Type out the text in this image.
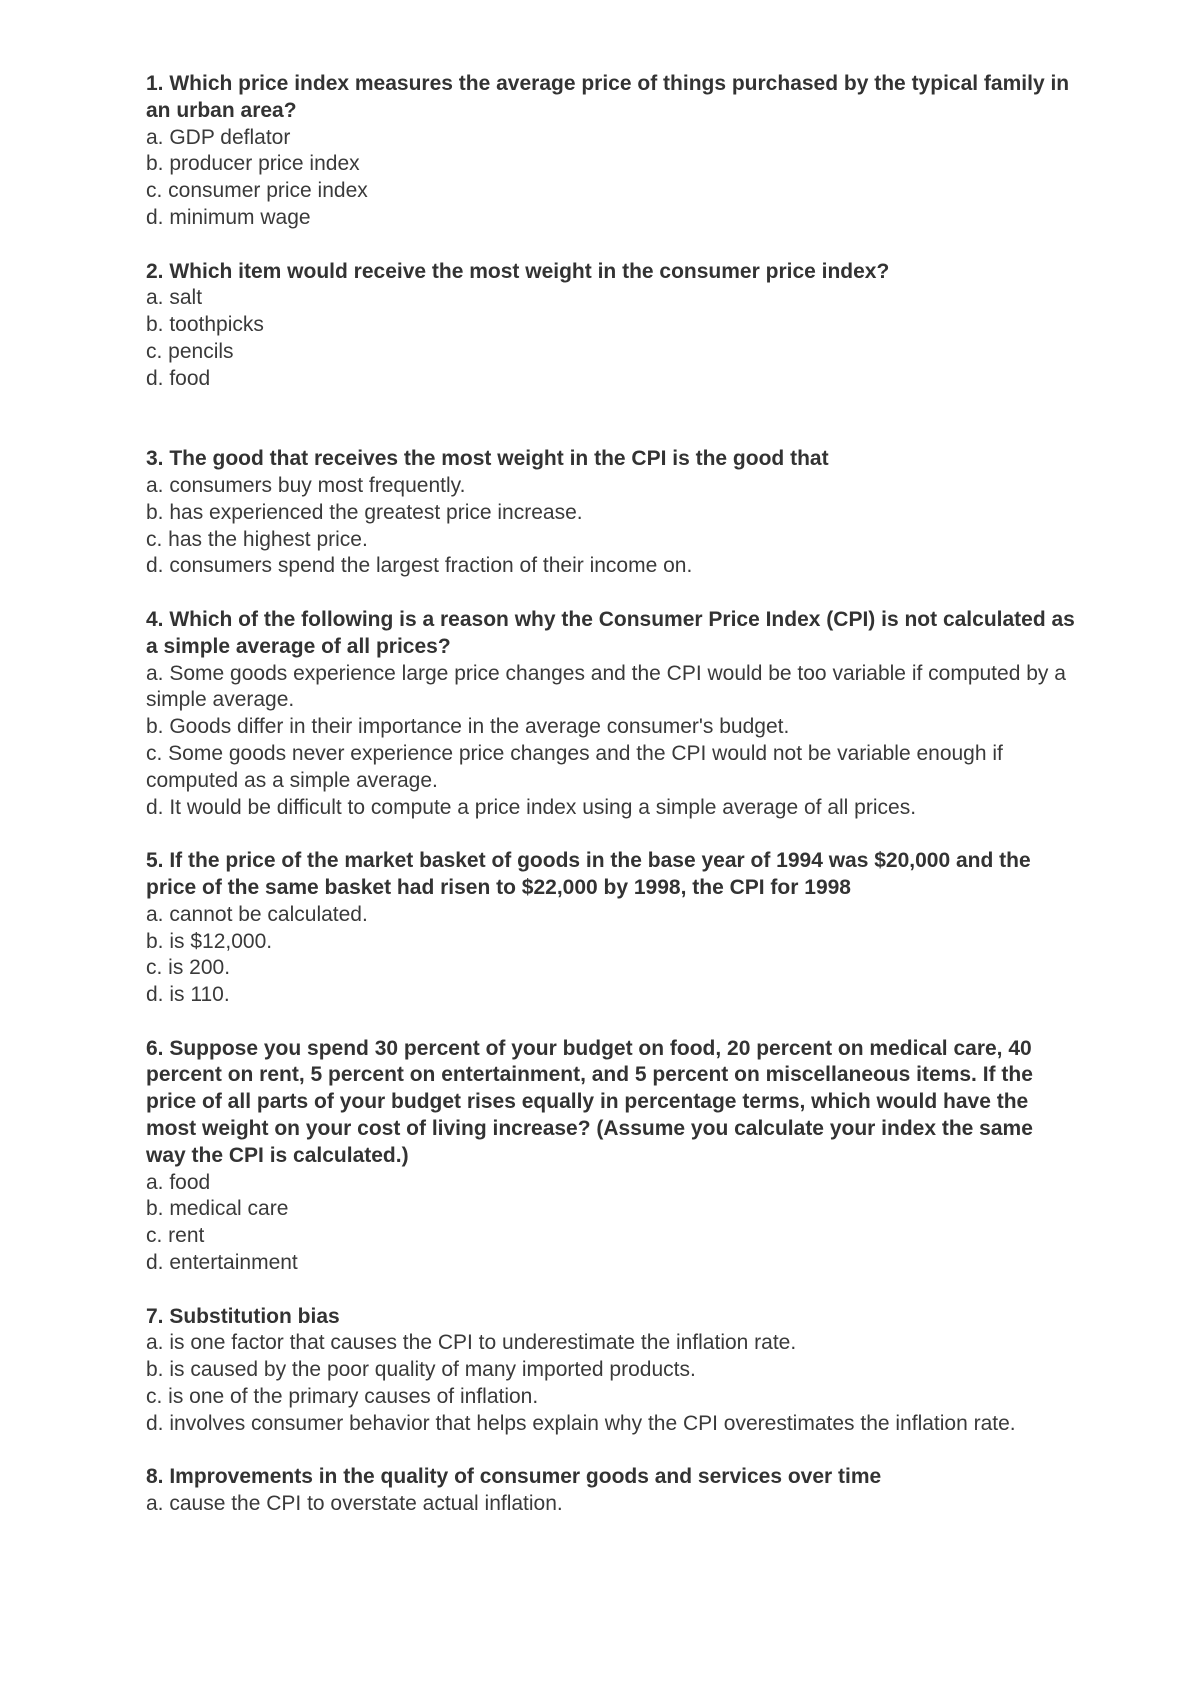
1. Which price index measures the average price of things purchased by the typical family in an urban area?

a. GDP deflator
b. producer price index
c. consumer price index
d. minimum wage

2. Which item would receive the most weight in the consumer price index?

a. salt
b. toothpicks
c. pencils
d. food

3. The good that receives the most weight in the CPI is the good that

a. consumers buy most frequently.
b. has experienced the greatest price increase.
c. has the highest price.
d. consumers spend the largest fraction of their income on.

4. Which of the following is a reason why the Consumer Price Index (CPI) is not calculated as a simple average of all prices?

a. Some goods experience large price changes and the CPI would be too variable if computed by a simple average.
b. Goods differ in their importance in the average consumer's budget.
c. Some goods never experience price changes and the CPI would not be variable enough if computed as a simple average.
d. It would be difficult to compute a price index using a simple average of all prices.

5. If the price of the market basket of goods in the base year of 1994 was $20,000 and the price of the same basket had risen to $22,000 by 1998, the CPI for 1998

a. cannot be calculated.
b. is $12,000.
c. is 200.
d. is 110.

6. Suppose you spend 30 percent of your budget on food, 20 percent on medical care, 40 percent on rent, 5 percent on entertainment, and 5 percent on miscellaneous items. If the price of all parts of your budget rises equally in percentage terms, which would have the most weight on your cost of living increase? (Assume you calculate your index the same way the CPI is calculated.)

a. food
b. medical care
c. rent
d. entertainment

7. Substitution bias

a. is one factor that causes the CPI to underestimate the inflation rate.
b. is caused by the poor quality of many imported products.
c. is one of the primary causes of inflation.
d. involves consumer behavior that helps explain why the CPI overestimates the inflation rate.

8. Improvements in the quality of consumer goods and services over time

a. cause the CPI to overstate actual inflation.
